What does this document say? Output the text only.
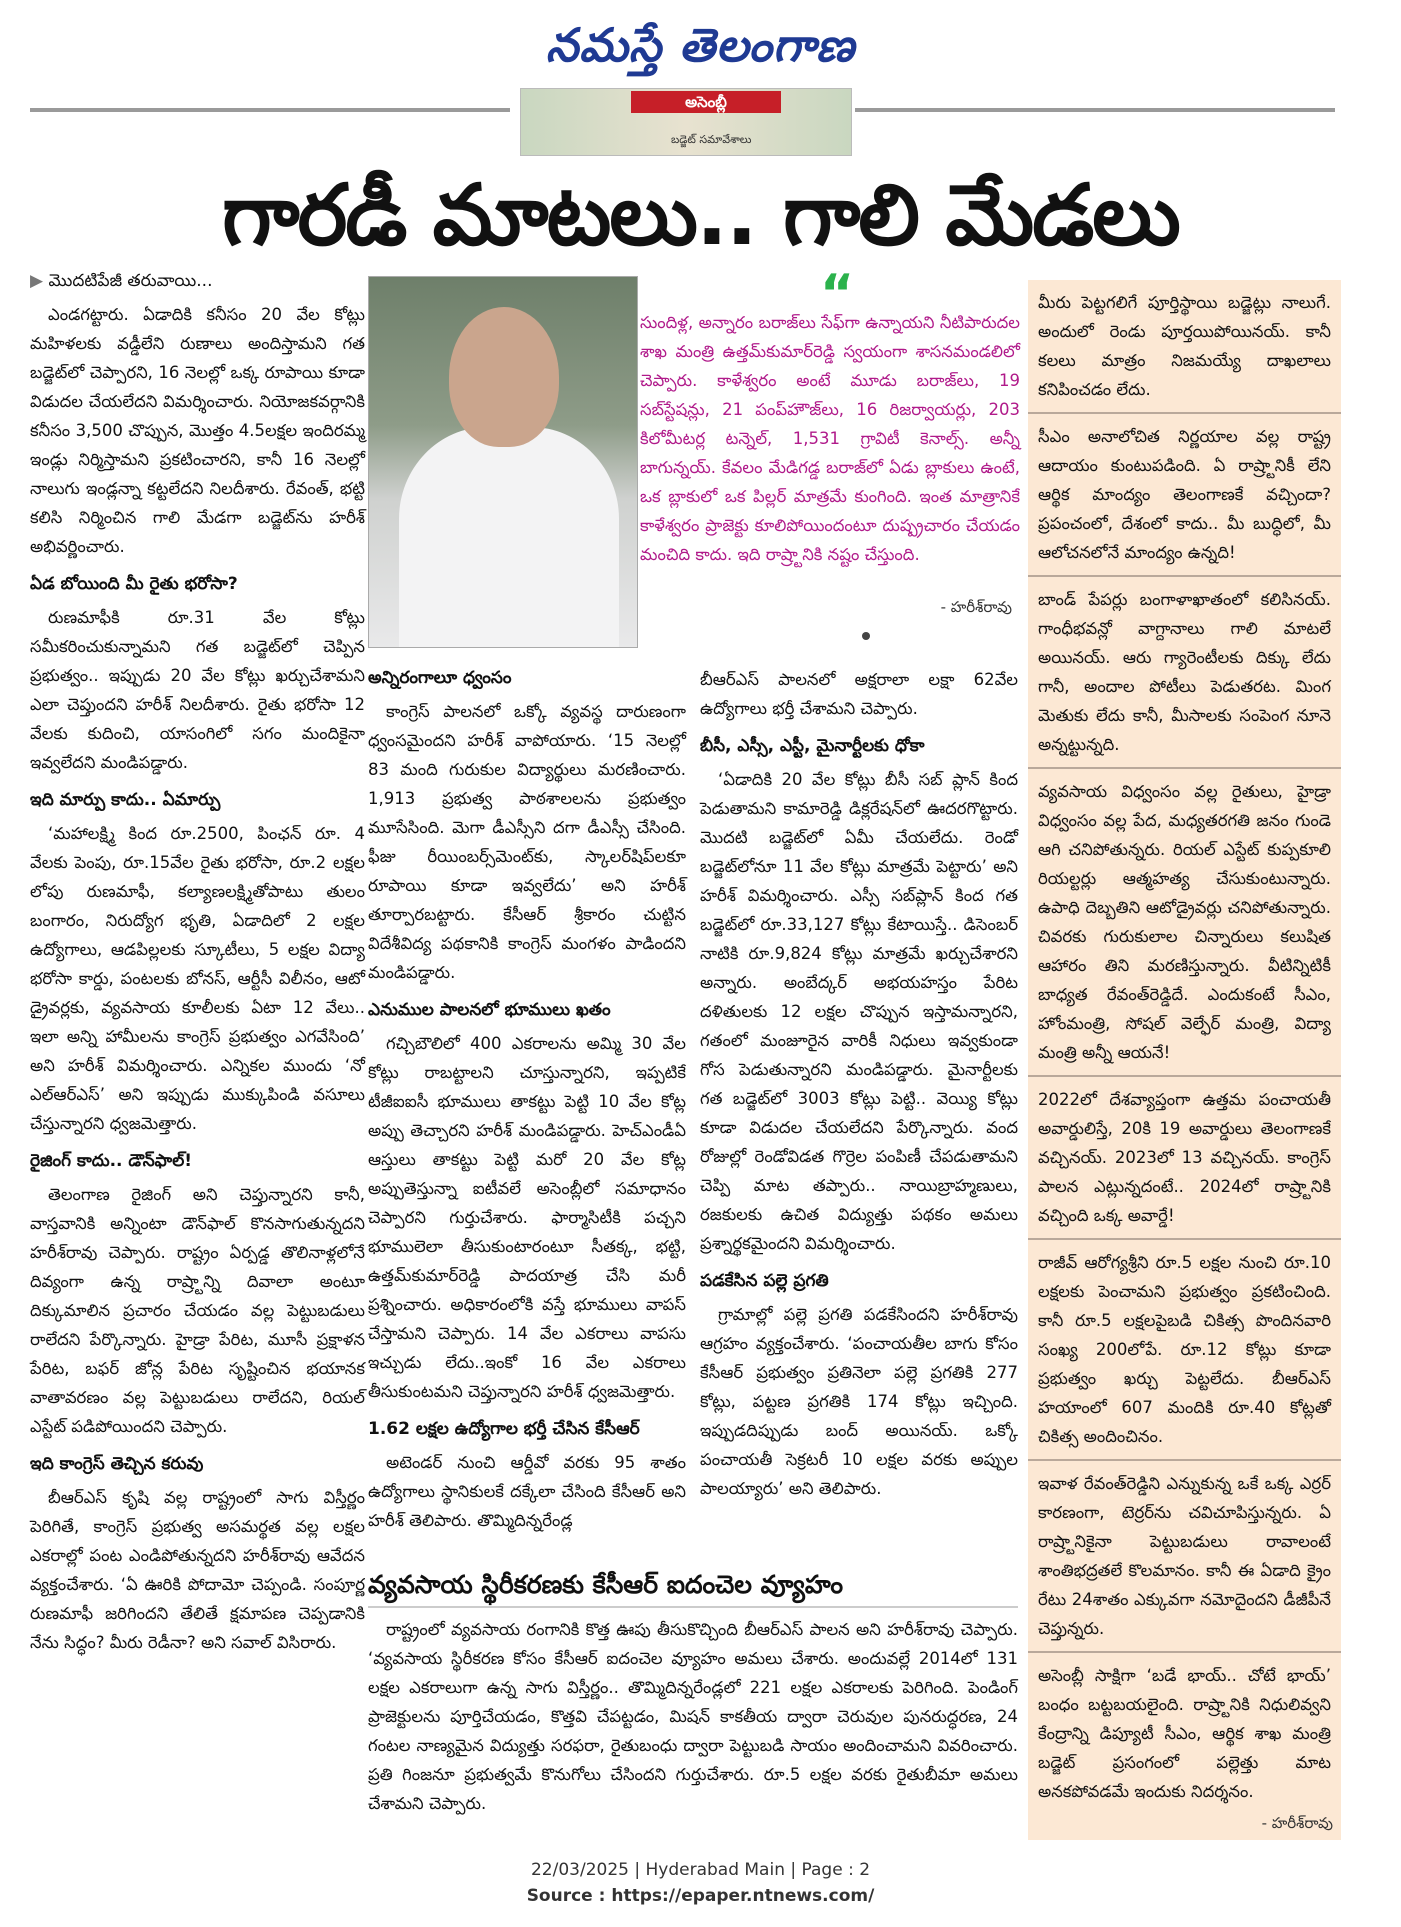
నమస్తే తెలంగాణ
అసెంబ్లీ
బడ్జెట్ సమావేశాలు
గారడీ మాటలు.. గాలి మేడలు
▶ మొదటిపేజీ తరువాయి...

ఎండగట్టారు. ఏడాదికి కనీసం 20 వేల కోట్లు మహిళలకు వడ్డీలేని రుణాలు అందిస్తామని గత బడ్జెట్‌లో చెప్పారని, 16 నెలల్లో ఒక్క రూపాయి కూడా విడుదల చేయలేదని విమర్శించారు. నియోజకవర్గానికి కనీసం 3,500 చొప్పున, మొత్తం 4.5లక్షల ఇందిరమ్మ ఇండ్లు నిర్మిస్తామని ప్రకటించారని, కానీ 16 నెలల్లో నాలుగు ఇండ్లన్నా కట్టలేదని నిలదీశారు. రేవంత్, భట్టి కలిసి నిర్మించిన గాలి మేడగా బడ్జెట్‌ను హరీశ్ అభివర్ణించారు.

ఏడ బోయింది మీ రైతు భరోసా?

రుణమాఫీకి రూ.31 వేల కోట్లు సమీకరించుకున్నామని గత బడ్జెట్‌లో చెప్పిన ప్రభుత్వం.. ఇప్పుడు 20 వేల కోట్లు ఖర్చుచేశామని ఎలా చెప్తుందని హరీశ్ నిలదీశారు. రైతు భరోసా 12 వేలకు కుదించి, యాసంగిలో సగం మందికైనా ఇవ్వలేదని మండిపడ్డారు.

ఇది మార్పు కాదు.. ఏమార్పు

‘మహాలక్ష్మి కింద రూ.2500, పింఛన్ రూ. 4 వేలకు పెంపు, రూ.15వేల రైతు భరోసా, రూ.2 లక్షల లోపు రుణమాఫీ, కల్యాణలక్ష్మితోపాటు తులం బంగారం, నిరుద్యోగ భృతి, ఏడాదిలో 2 లక్షల ఉద్యోగాలు, ఆడపిల్లలకు స్కూటీలు, 5 లక్షల విద్యా భరోసా కార్డు, పంటలకు బోనస్, ఆర్టీసీ విలీనం, ఆటో డ్రైవర్లకు, వ్యవసాయ కూలీలకు ఏటా 12 వేలు.. ఇలా అన్ని హామీలను కాంగ్రెస్ ప్రభుత్వం ఎగవేసింది’ అని హరీశ్ విమర్శించారు. ఎన్నికల ముందు ‘నో ఎల్‌ఆర్‌ఎస్’ అని ఇప్పుడు ముక్కుపిండి వసూలు చేస్తున్నారని ధ్వజమెత్తారు.

రైజింగ్ కాదు.. డౌన్‌ఫాల్!

తెలంగాణ రైజింగ్ అని చెప్తున్నారని కానీ, వాస్తవానికి అన్నింటా డౌన్‌ఫాల్ కొనసాగుతున్నదని హరీశ్‌రావు చెప్పారు. రాష్ట్రం ఏర్పడ్డ తొలినాళ్లలోనే దివ్యంగా ఉన్న రాష్ర్టాన్ని దివాలా అంటూ దిక్కుమాలిన ప్రచారం చేయడం వల్ల పెట్టుబడులు రాలేదని పేర్కొన్నారు. హైడ్రా పేరిట, మూసీ ప్రక్షాళన పేరిట, బఫర్ జోన్ల పేరిట సృష్టించిన భయానక వాతావరణం వల్ల పెట్టుబడులు రాలేదని, రియల్ ఎస్టేట్ పడిపోయిందని చెప్పారు.

ఇది కాంగ్రెస్ తెచ్చిన కరువు

బీఆర్‌ఎస్ కృషి వల్ల రాష్ట్రంలో సాగు విస్తీర్ణం పెరిగితే, కాంగ్రెస్ ప్రభుత్వ అసమర్థత వల్ల లక్షల ఎకరాల్లో పంట ఎండిపోతున్నదని హరీశ్‌రావు ఆవేదన వ్యక్తంచేశారు. ‘ఏ ఊరికి పోదామో చెప్పండి. సంపూర్ణ రుణమాఫీ జరిగిందని తేలితే క్షమాపణ చెప్పడానికి నేను సిద్ధం? మీరు రెడీనా? అని సవాల్ విసిరారు.

“

సుందిళ్ల, అన్నారం బరాజ్‌లు సేఫ్‌గా ఉన్నాయని నీటిపారుదల శాఖ మంత్రి ఉత్తమ్‌కుమార్‌రెడ్డి స్వయంగా శాసనమండలిలో చెప్పారు. కాళేశ్వరం అంటే మూడు బరాజ్‌లు, 19 సబ్‌స్టేషన్లు, 21 పంప్‌హౌజ్‌లు, 16 రిజర్వాయర్లు, 203 కిలోమీటర్ల టన్నెల్, 1,531 గ్రావిటీ కెనాల్స్. అన్నీ బాగున్నయ్. కేవలం మేడిగడ్డ బరాజ్‌లో ఏడు బ్లాకులు ఉంటే, ఒక బ్లాకులో ఒక పిల్లర్ మాత్రమే కుంగింది. ఇంత మాత్రానికే కాళేశ్వరం ప్రాజెక్టు కూలిపోయిందంటూ దుష్ప్రచారం చేయడం మంచిది కాదు. ఇది రాష్ర్టానికి నష్టం చేస్తుంది.

- హరీశ్‌రావు
అన్నిరంగాలూ ధ్వంసం

కాంగ్రెస్ పాలనలో ఒక్కో వ్యవస్థ దారుణంగా ధ్వంసమైందని హరీశ్ వాపోయారు. ‘15 నెలల్లో 83 మంది గురుకుల విద్యార్థులు మరణించారు. 1,913 ప్రభుత్వ పాఠశాలలను ప్రభుత్వం మూసేసింది. మెగా డీఎస్సీని దగా డీఎస్సీ చేసింది. ఫీజు రీయింబర్స్‌మెంట్‌కు, స్కాలర్‌షిప్‌లకూ రూపాయి కూడా ఇవ్వలేదు’ అని హరీశ్ తూర్పారబట్టారు. కేసీఆర్ శ్రీకారం చుట్టిన విదేశీవిద్య పథకానికి కాంగ్రెస్ మంగళం పాడిందని మండిపడ్డారు.

ఎనుముల పాలనలో భూములు ఖతం

గచ్చిబౌలిలో 400 ఎకరాలను అమ్మి 30 వేల కోట్లు రాబట్టాలని చూస్తున్నారని, ఇప్పటికే టీజీఐఐసీ భూములు తాకట్టు పెట్టి 10 వేల కోట్ల అప్పు తెచ్చారని హరీశ్ మండిపడ్డారు. హెచ్‌ఎండీఏ ఆస్తులు తాకట్టు పెట్టి మరో 20 వేల కోట్ల అప్పుతెస్తున్నా ఐటీవలే అసెంబ్లీలో సమాధానం చెప్పారని గుర్తుచేశారు. ఫార్మాసిటీకి పచ్చని భూములెలా తీసుకుంటారంటూ సీతక్క, భట్టి, ఉత్తమ్‌కుమార్‌రెడ్డి పాదయాత్ర చేసి మరీ ప్రశ్నించారు. అధికారంలోకి వస్తే భూములు వాపస్ చేస్తామని చెప్పారు. 14 వేల ఎకరాలు వాపసు ఇచ్చుడు లేదు..ఇంకో 16 వేల ఎకరాలు తీసుకుంటమని చెప్తున్నారని హరీశ్ ధ్వజమెత్తారు.

1.62 లక్షల ఉద్యోగాల భర్తీ చేసిన కేసీఆర్

అటెండర్ నుంచి ఆర్డీవో వరకు 95 శాతం ఉద్యోగాలు స్థానికులకే దక్కేలా చేసింది కేసీఆర్ అని హరీశ్ తెలిపారు. తొమ్మిదిన్నరేండ్ల

బీఆర్‌ఎస్ పాలనలో అక్షరాలా లక్షా 62వేల ఉద్యోగాలు భర్తీ చేశామని చెప్పారు.

బీసీ, ఎస్సీ, ఎస్టీ, మైనార్టీలకు ధోకా

‘ఏడాదికి 20 వేల కోట్లు బీసీ సబ్ ప్లాన్ కింద పెడుతామని కామారెడ్డి డిక్లరేషన్‌లో ఊదరగొట్టారు. మొదటి బడ్జెట్‌లో ఏమీ చేయలేదు. రెండో బడ్జెట్‌లోనూ 11 వేల కోట్లు మాత్రమే పెట్టారు’ అని హరీశ్ విమర్శించారు. ఎస్సీ సబ్‌ప్లాన్ కింద గత బడ్జెట్‌లో రూ.33,127 కోట్లు కేటాయిస్తే.. డిసెంబర్ నాటికి రూ.9,824 కోట్లు మాత్రమే ఖర్చుచేశారని అన్నారు. అంబేద్కర్ అభయహస్తం పేరిట దళితులకు 12 లక్షల చొప్పున ఇస్తామన్నారని, గతంలో మంజూరైన వారికీ నిధులు ఇవ్వకుండా గోస పెడుతున్నారని మండిపడ్డారు. మైనార్టీలకు గత బడ్జెట్‌లో 3003 కోట్లు పెట్టి.. వెయ్యి కోట్లు కూడా విడుదల చేయలేదని పేర్కొన్నారు. వంద రోజుల్లో రెండోవిడత గొర్రెల పంపిణీ చేపడుతామని చెప్పి మాట తప్పారు.. నాయిబ్రాహ్మణులు, రజకులకు ఉచిత విద్యుత్తు పథకం అమలు ప్రశ్నార్థకమైందని విమర్శించారు.

పడకేసిన పల్లె ప్రగతి

గ్రామాల్లో పల్లె ప్రగతి పడకేసిందని హరీశ్‌రావు ఆగ్రహం వ్యక్తంచేశారు. ‘పంచాయతీల బాగు కోసం కేసీఆర్ ప్రభుత్వం ప్రతినెలా పల్లె ప్రగతికి 277 కోట్లు, పట్టణ ప్రగతికి 174 కోట్లు ఇచ్చింది. ఇప్పుడదిప్పుడు బంద్ అయినయ్. ఒక్కో పంచాయతీ సెక్రటరీ 10 లక్షల వరకు అప్పుల పాలయ్యారు’ అని తెలిపారు.

వ్యవసాయ స్థిరీకరణకు కేసీఆర్ ఐదంచెల వ్యూహం

రాష్ట్రంలో వ్యవసాయ రంగానికి కొత్త ఊపు తీసుకొచ్చింది బీఆర్‌ఎస్ పాలన అని హరీశ్‌రావు చెప్పారు. ‘వ్యవసాయ స్థిరీకరణ కోసం కేసీఆర్ ఐదంచెల వ్యూహం అమలు చేశారు. అందువల్లే 2014లో 131 లక్షల ఎకరాలుగా ఉన్న సాగు విస్తీర్ణం.. తొమ్మిదిన్నరేండ్లలో 221 లక్షల ఎకరాలకు పెరిగింది. పెండింగ్ ప్రాజెక్టులను పూర్తిచేయడం, కొత్తవి చేపట్టడం, మిషన్ కాకతీయ ద్వారా చెరువుల పునరుద్ధరణ, 24 గంటల నాణ్యమైన విద్యుత్తు సరఫరా, రైతుబంధు ద్వారా పెట్టుబడి సాయం అందించామని వివరించారు. ప్రతి గింజనూ ప్రభుత్వమే కొనుగోలు చేసిందని గుర్తుచేశారు. రూ.5 లక్షల వరకు రైతుబీమా అమలు చేశామని చెప్పారు.

మీరు పెట్టగలిగే పూర్తిస్థాయి బడ్జెట్లు నాలుగే. అందులో రెండు పూర్తయిపోయినయ్. కానీ కలలు మాత్రం నిజమయ్యే దాఖలాలు కనిపించడం లేదు.

సీఎం అనాలోచిత నిర్ణయాల వల్ల రాష్ట్ర ఆదాయం కుంటుపడింది. ఏ రాష్ర్టానికీ లేని ఆర్థిక మాంద్యం తెలంగాణకే వచ్చిందా? ప్రపంచంలో, దేశంలో కాదు.. మీ బుద్ధిలో, మీ ఆలోచనలోనే మాంద్యం ఉన్నది!

బాండ్ పేపర్లు బంగాళాఖాతంలో కలిసినయ్. గాంధీభవన్లో వాగ్దానాలు గాలి మాటలే అయినయ్. ఆరు గ్యారెంటీలకు దిక్కు లేదు గానీ, అందాల పోటీలు పెడుతరట. మింగ మెతుకు లేదు కానీ, మీసాలకు సంపెంగ నూనె అన్నట్టున్నది.

వ్యవసాయ విధ్వంసం వల్ల రైతులు, హైడ్రా విధ్వంసం వల్ల పేద, మధ్యతరగతి జనం గుండె ఆగి చనిపోతున్నరు. రియల్ ఎస్టేట్ కుప్పకూలి రియల్టర్లు ఆత్మహత్య చేసుకుంటున్నారు. ఉపాధి దెబ్బతిని ఆటోడ్రైవర్లు చనిపోతున్నారు. చివరకు గురుకులాల చిన్నారులు కలుషిత ఆహారం తిని మరణిస్తున్నారు. వీటిన్నిటికీ బాధ్యత రేవంత్‌రెడ్డిదే. ఎందుకంటే సీఎం, హోంమంత్రి, సోషల్ వెల్ఫేర్ మంత్రి, విద్యా మంత్రి అన్నీ ఆయనే!

2022లో దేశవ్యాప్తంగా ఉత్తమ పంచాయతీ అవార్డులిస్తే, 20కి 19 అవార్డులు తెలంగాణకే వచ్చినయ్. 2023లో 13 వచ్చినయ్. కాంగ్రెస్ పాలన ఎట్లున్నదంటే.. 2024లో రాష్ర్టానికి వచ్చింది ఒక్క అవార్డే!

రాజీవ్ ఆరోగ్యశ్రీని రూ.5 లక్షల నుంచి రూ.10 లక్షలకు పెంచామని ప్రభుత్వం ప్రకటించింది. కానీ రూ.5 లక్షలపైబడి చికిత్స పొందినవారి సంఖ్య 200లోపే. రూ.12 కోట్లు కూడా ప్రభుత్వం ఖర్చు పెట్టలేదు. బీఆర్‌ఎస్ హయాంలో 607 మందికి రూ.40 కోట్లతో చికిత్స అందించినం.

ఇవాళ రేవంత్‌రెడ్డిని ఎన్నుకున్న ఒకే ఒక్క ఎర్రర్ కారణంగా, టెర్రర్‌ను చవిచూపిస్తున్నరు. ఏ రాష్ర్టానికైనా పెట్టుబడులు రావాలంటే శాంతిభద్రతలే కొలమానం. కానీ ఈ ఏడాది క్రైం రేటు 24శాతం ఎక్కువగా నమోదైందని డీజీపీనే చెప్తున్నరు.

అసెంబ్లీ సాక్షిగా ‘బడే భాయ్.. చోటే భాయ్’ బంధం బట్టబయలైంది. రాష్ర్టానికి నిధులివ్వని కేంద్రాన్ని డిప్యూటీ సీఎం, ఆర్థిక శాఖ మంత్రి బడ్జెట్ ప్రసంగంలో పల్లెత్తు మాట అనకపోవడమే ఇందుకు నిదర్శనం.

- హరీశ్‌రావు
22/03/2025 | Hyderabad Main | Page : 2
Source : https://epaper.ntnews.com/
